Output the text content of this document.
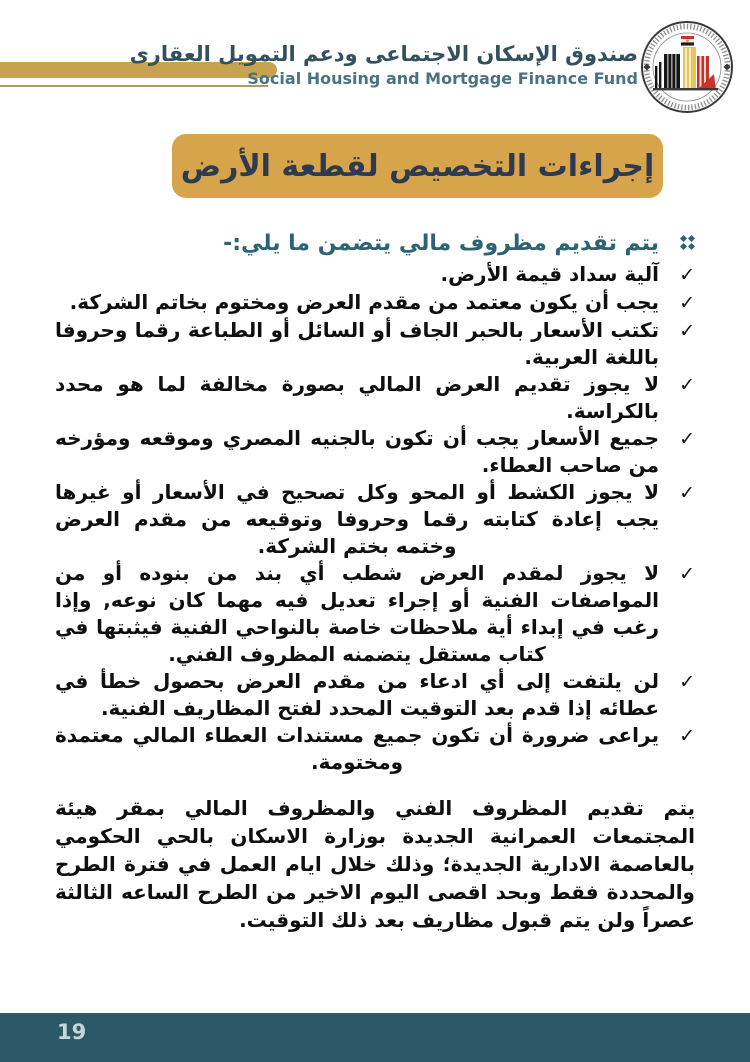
صندوق الإسكان الاجتماعى ودعم التمويل العقارى
Social Housing and Mortgage Finance Fund
إجراءات التخصيص لقطعة الأرض
يتم تقديم مظروف مالي يتضمن ما يلي:-
✓
آلية سداد قيمة الأرض.
✓
يجب أن يكون معتمد من مقدم العرض ومختوم بخاتم الشركة.
✓
تكتب الأسعار بالحبر الجاف أو السائل أو الطباعة رقما وحروفا باللغة العربية.
✓
لا يجوز تقديم العرض المالي بصورة مخالفة لما هو محدد بالكراسة.
✓
جميع الأسعار يجب أن تكون بالجنيه المصري وموقعه ومؤرخه من صاحب العطاء.
✓
لا يجوز الكشط أو المحو وكل تصحيح في الأسعار أو غيرها يجب إعادة كتابته رقما وحروفا وتوقيعه من مقدم العرض وختمه بختم الشركة.
✓
لا يجوز لمقدم العرض شطب أي بند من بنوده أو من المواصفات الفنية أو إجراء تعديل فيه مهما كان نوعه, وإذا رغب في إبداء أية ملاحظات خاصة بالنواحي الفنية فيثبتها في كتاب مستقل يتضمنه المظروف الفني.
✓
لن يلتفت إلى أي ادعاء من مقدم العرض بحصول خطأ في عطائه إذا قدم بعد التوقيت المحدد لفتح المظاريف الفنية.
✓
يراعى ضرورة أن تكون جميع مستندات العطاء المالي معتمدة ومختومة.
يتم تقديم المظروف الفني والمظروف المالي بمقر هيئة المجتمعات العمرانية الجديدة بوزارة الاسكان بالحي الحكومي بالعاصمة الادارية الجديدة؛ وذلك خلال ايام العمل في فترة الطرح والمحددة فقط وبحد اقصى اليوم الاخير من الطرح الساعه الثالثة عصراً ولن يتم قبول مظاريف بعد ذلك التوقيت.
19
